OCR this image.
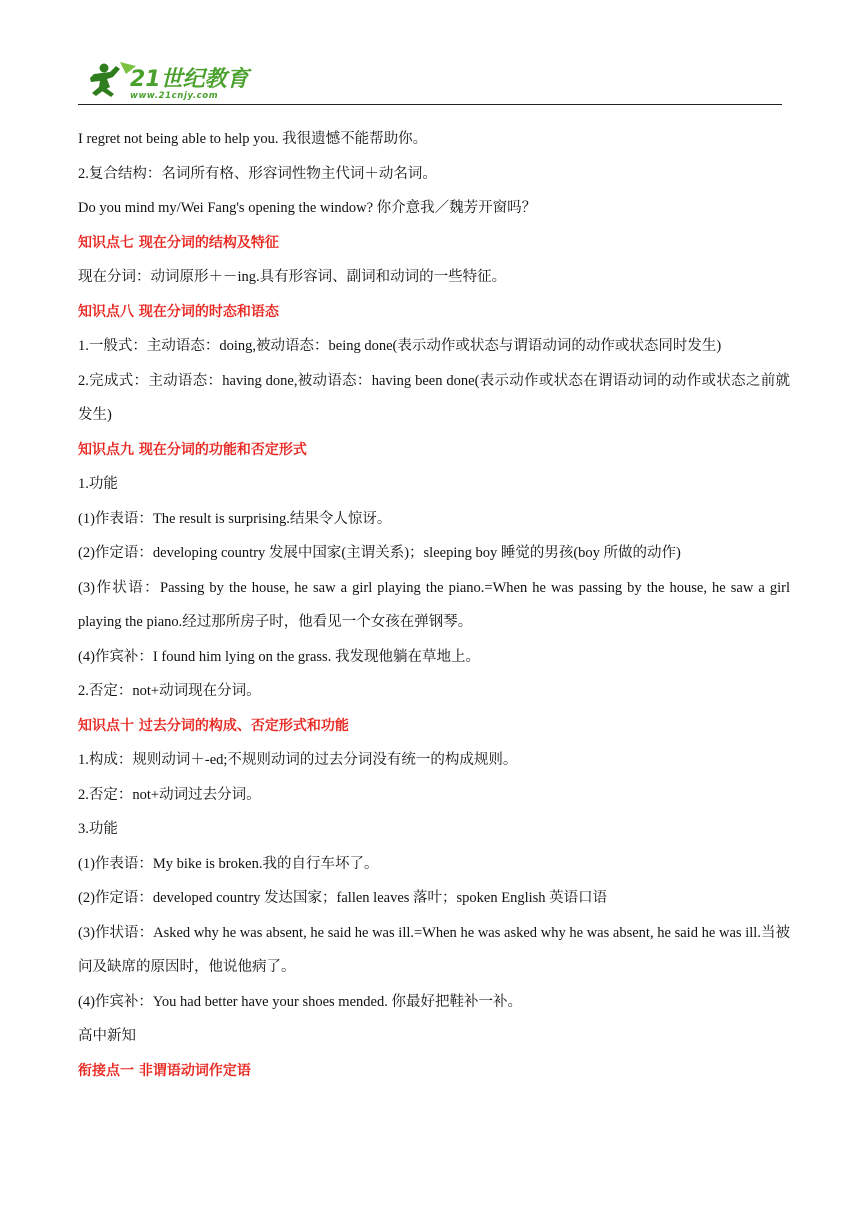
21世纪教育
www.21cnjy.com

I regret not being able to help you. 我很遗憾不能帮助你。

2.复合结构：名词所有格、形容词性物主代词＋动名词。

Do you mind my/Wei Fang's opening the window? 你介意我／魏芳开窗吗？

知识点七 现在分词的结构及特征

现在分词：动词原形＋－ing.具有形容词、副词和动词的一些特征。

知识点八 现在分词的时态和语态

1.一般式：主动语态：doing,被动语态：being done(表示动作或状态与谓语动词的动作或状态同时发生)

2.完成式：主动语态：having done,被动语态：having been done(表示动作或状态在谓语动词的动作或状态之前就发生)

知识点九 现在分词的功能和否定形式

1.功能

(1)作表语：The result is surprising.结果令人惊讶。

(2)作定语：developing country 发展中国家(主谓关系)；sleeping boy 睡觉的男孩(boy 所做的动作)

(3)作状语：Passing by the house, he saw a girl playing the piano.=When he was passing by the house, he saw a girl playing the piano.经过那所房子时，他看见一个女孩在弹钢琴。

(4)作宾补：I found him lying on the grass. 我发现他躺在草地上。

2.否定：not+动词现在分词。

知识点十 过去分词的构成、否定形式和功能

1.构成：规则动词＋-ed;不规则动词的过去分词没有统一的构成规则。

2.否定：not+动词过去分词。

3.功能

(1)作表语：My bike is broken.我的自行车坏了。

(2)作定语：developed country 发达国家；fallen leaves 落叶；spoken English 英语口语

(3)作状语：Asked why he was absent, he said he was ill.=When he was asked why he was absent, he said he was ill.当被问及缺席的原因时，他说他病了。

(4)作宾补：You had better have your shoes mended. 你最好把鞋补一补。

高中新知

衔接点一 非谓语动词作定语
